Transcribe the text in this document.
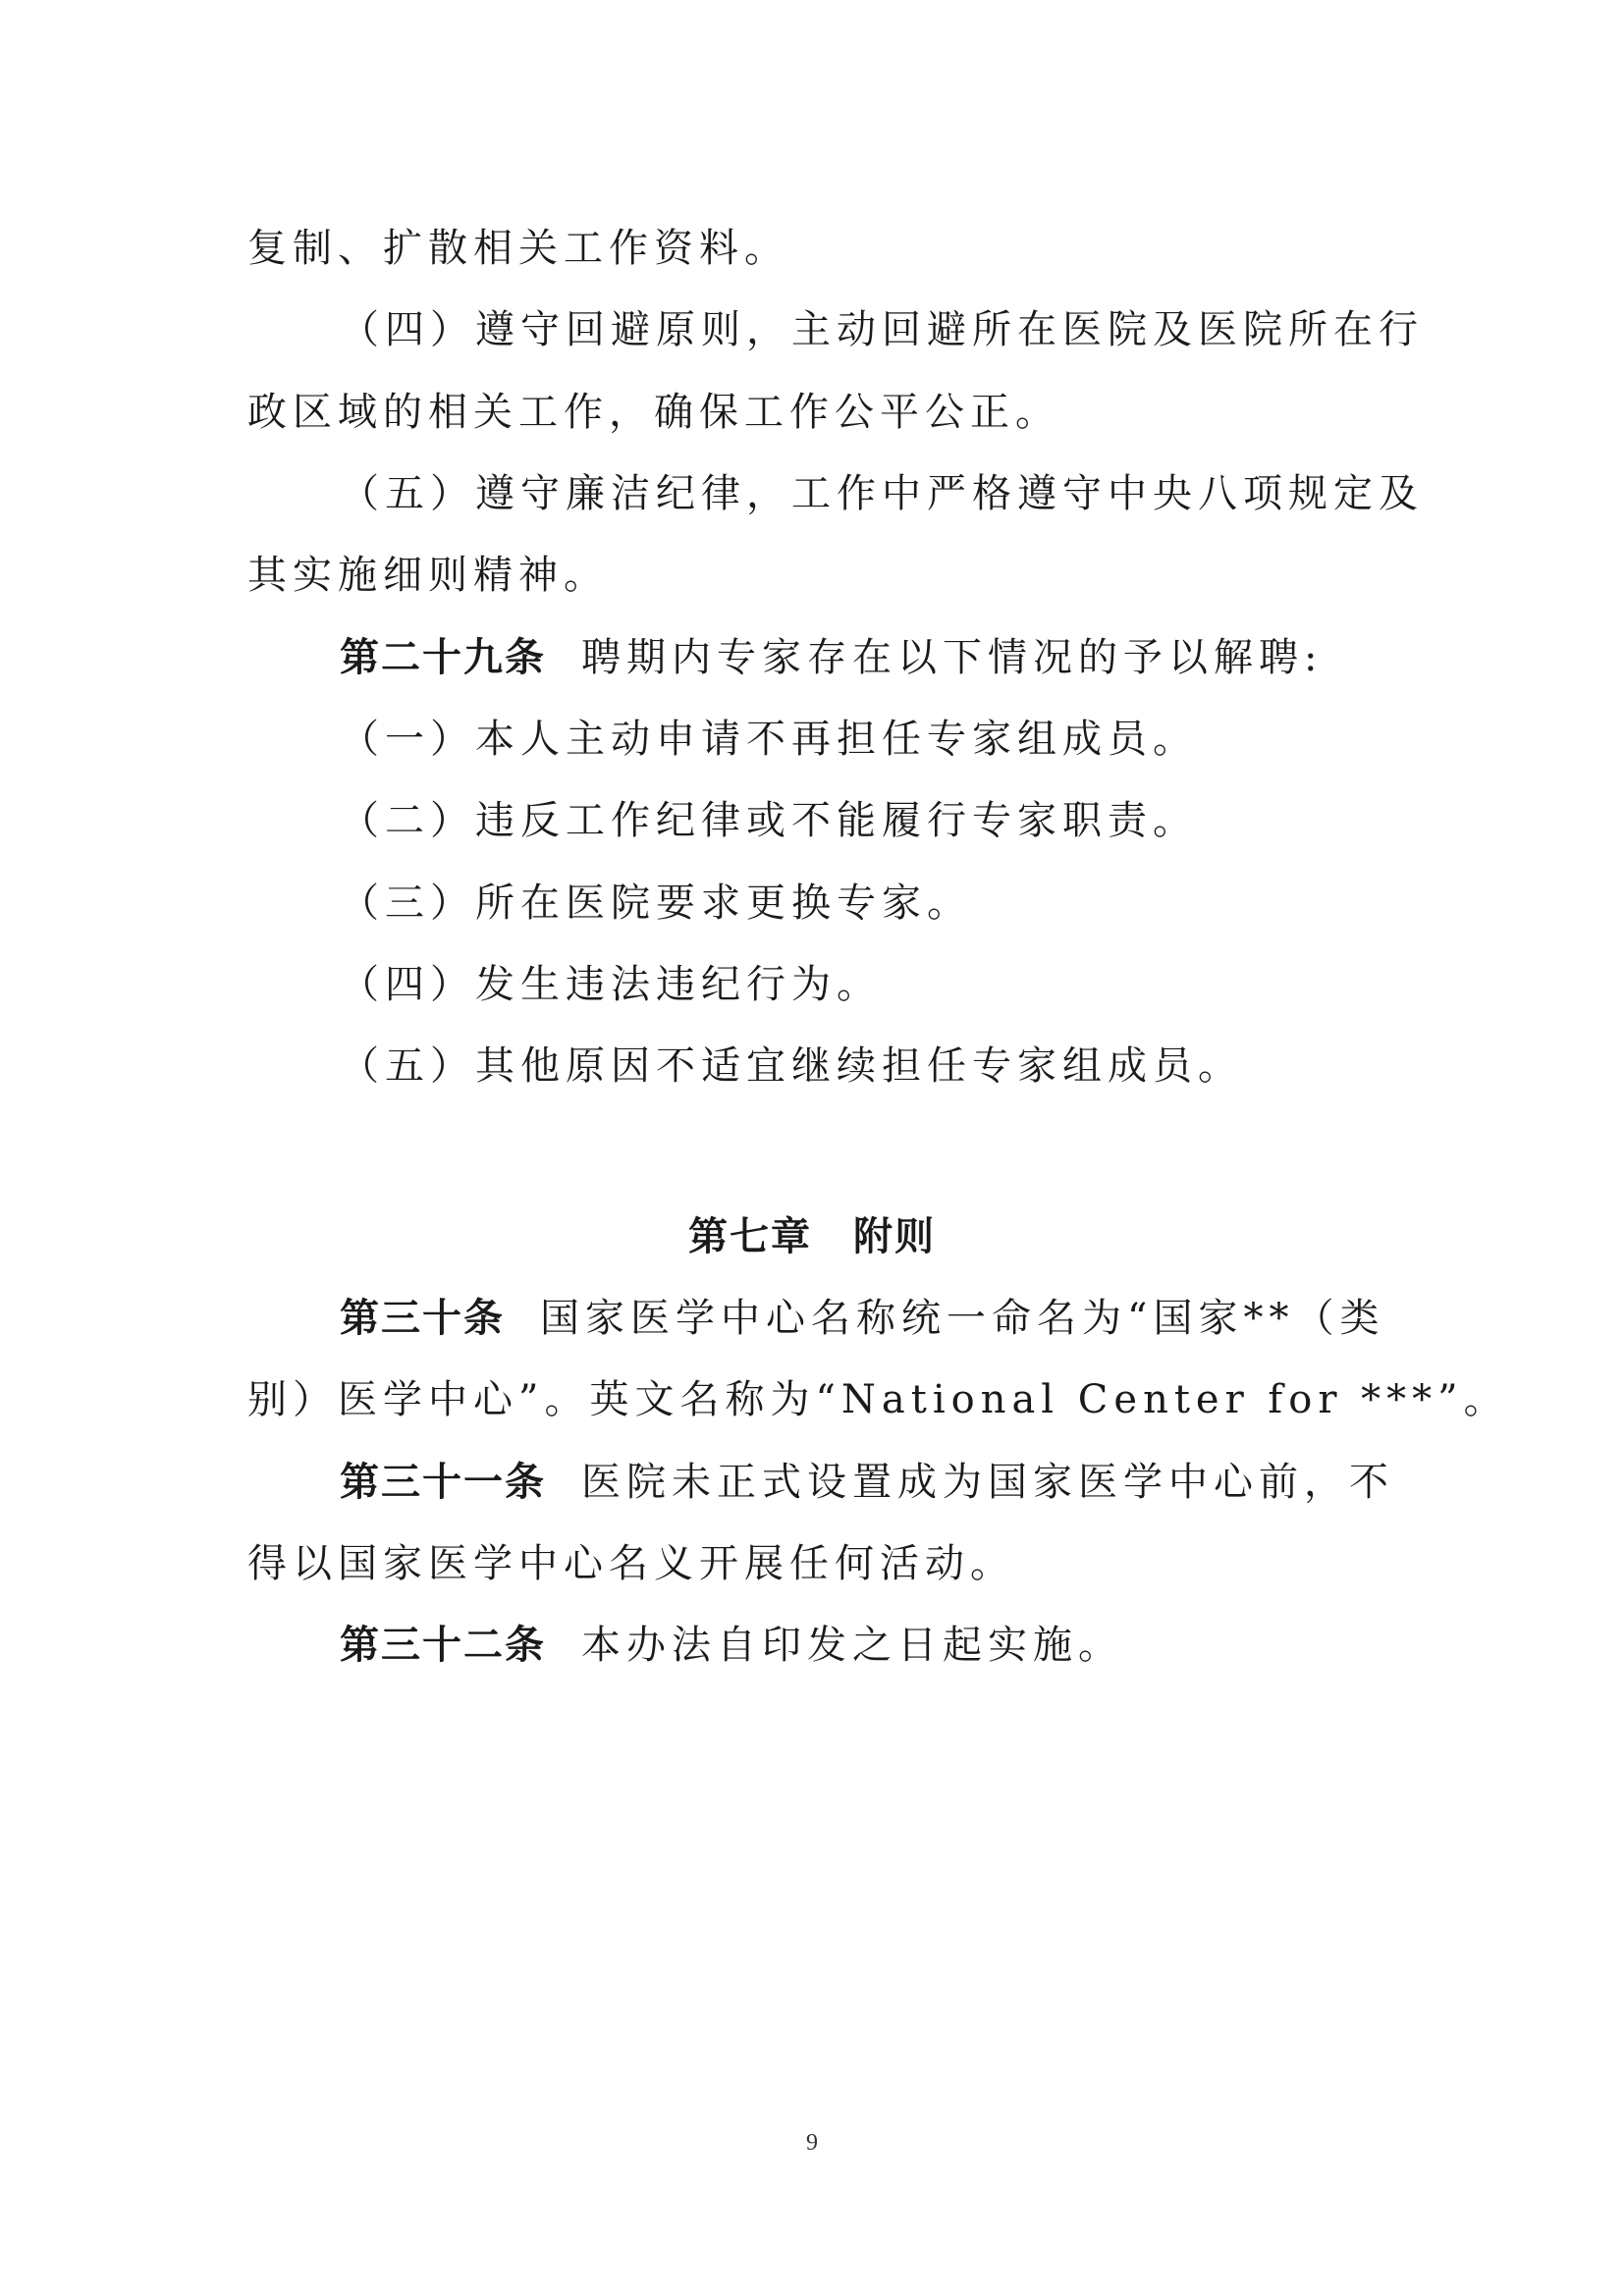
复制、扩散相关工作资料。
（四）遵守回避原则，主动回避所在医院及医院所在行
政区域的相关工作，确保工作公平公正。
（五）遵守廉洁纪律，工作中严格遵守中央八项规定及
其实施细则精神。
第二十九条 聘期内专家存在以下情况的予以解聘:
（一）本人主动申请不再担任专家组成员。
（二）违反工作纪律或不能履行专家职责。
（三）所在医院要求更换专家。
（四）发生违法违纪行为。
（五）其他原因不适宜继续担任专家组成员。
第七章　附则
第三十条 国家医学中心名称统一命名为“国家**（类
别）医学中心”。英文名称为“National Center for ***”。
第三十一条 医院未正式设置成为国家医学中心前，不
得以国家医学中心名义开展任何活动。
第三十二条 本办法自印发之日起实施。
9
